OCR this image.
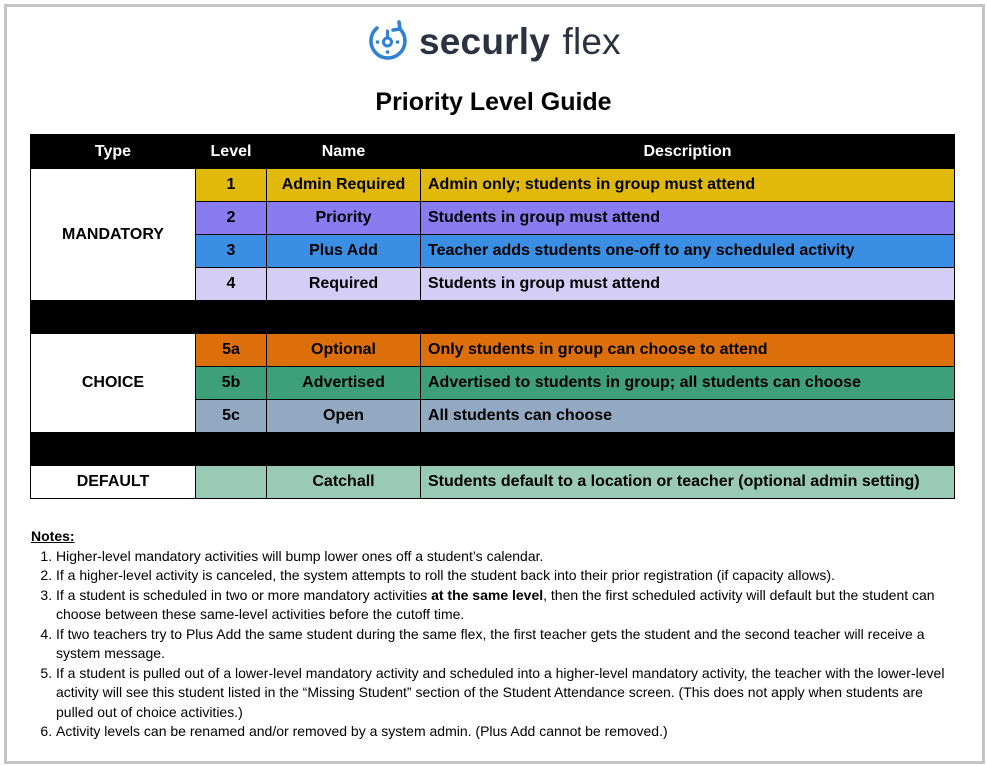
securly flex
Priority Level Guide
Type	Level	Name	Description
MANDATORY	1	Admin Required	Admin only; students in group must attend
	2	Priority	Students in group must attend
	3	Plus Add	Teacher adds students one-off to any scheduled activity
	4	Required	Students in group must attend

CHOICE	5a	Optional	Only students in group can choose to attend
	5b	Advertised	Advertised to students in group; all students can choose
	5c	Open	All students can choose

DEFAULT		Catchall	Students default to a location or teacher (optional admin setting)
Notes:
1. Higher-level mandatory activities will bump lower ones off a student’s calendar.
2. If a higher-level activity is canceled, the system attempts to roll the student back into their prior registration (if capacity allows).
3. If a student is scheduled in two or more mandatory activities at the same level, then the first scheduled activity will default but the student can choose between these same-level activities before the cutoff time.
4. If two teachers try to Plus Add the same student during the same flex, the first teacher gets the student and the second teacher will receive a system message.
5. If a student is pulled out of a lower-level mandatory activity and scheduled into a higher-level mandatory activity, the teacher with the lower-level activity will see this student listed in the “Missing Student” section of the Student Attendance screen. (This does not apply when students are pulled out of choice activities.)
6. Activity levels can be renamed and/or removed by a system admin. (Plus Add cannot be removed.)
